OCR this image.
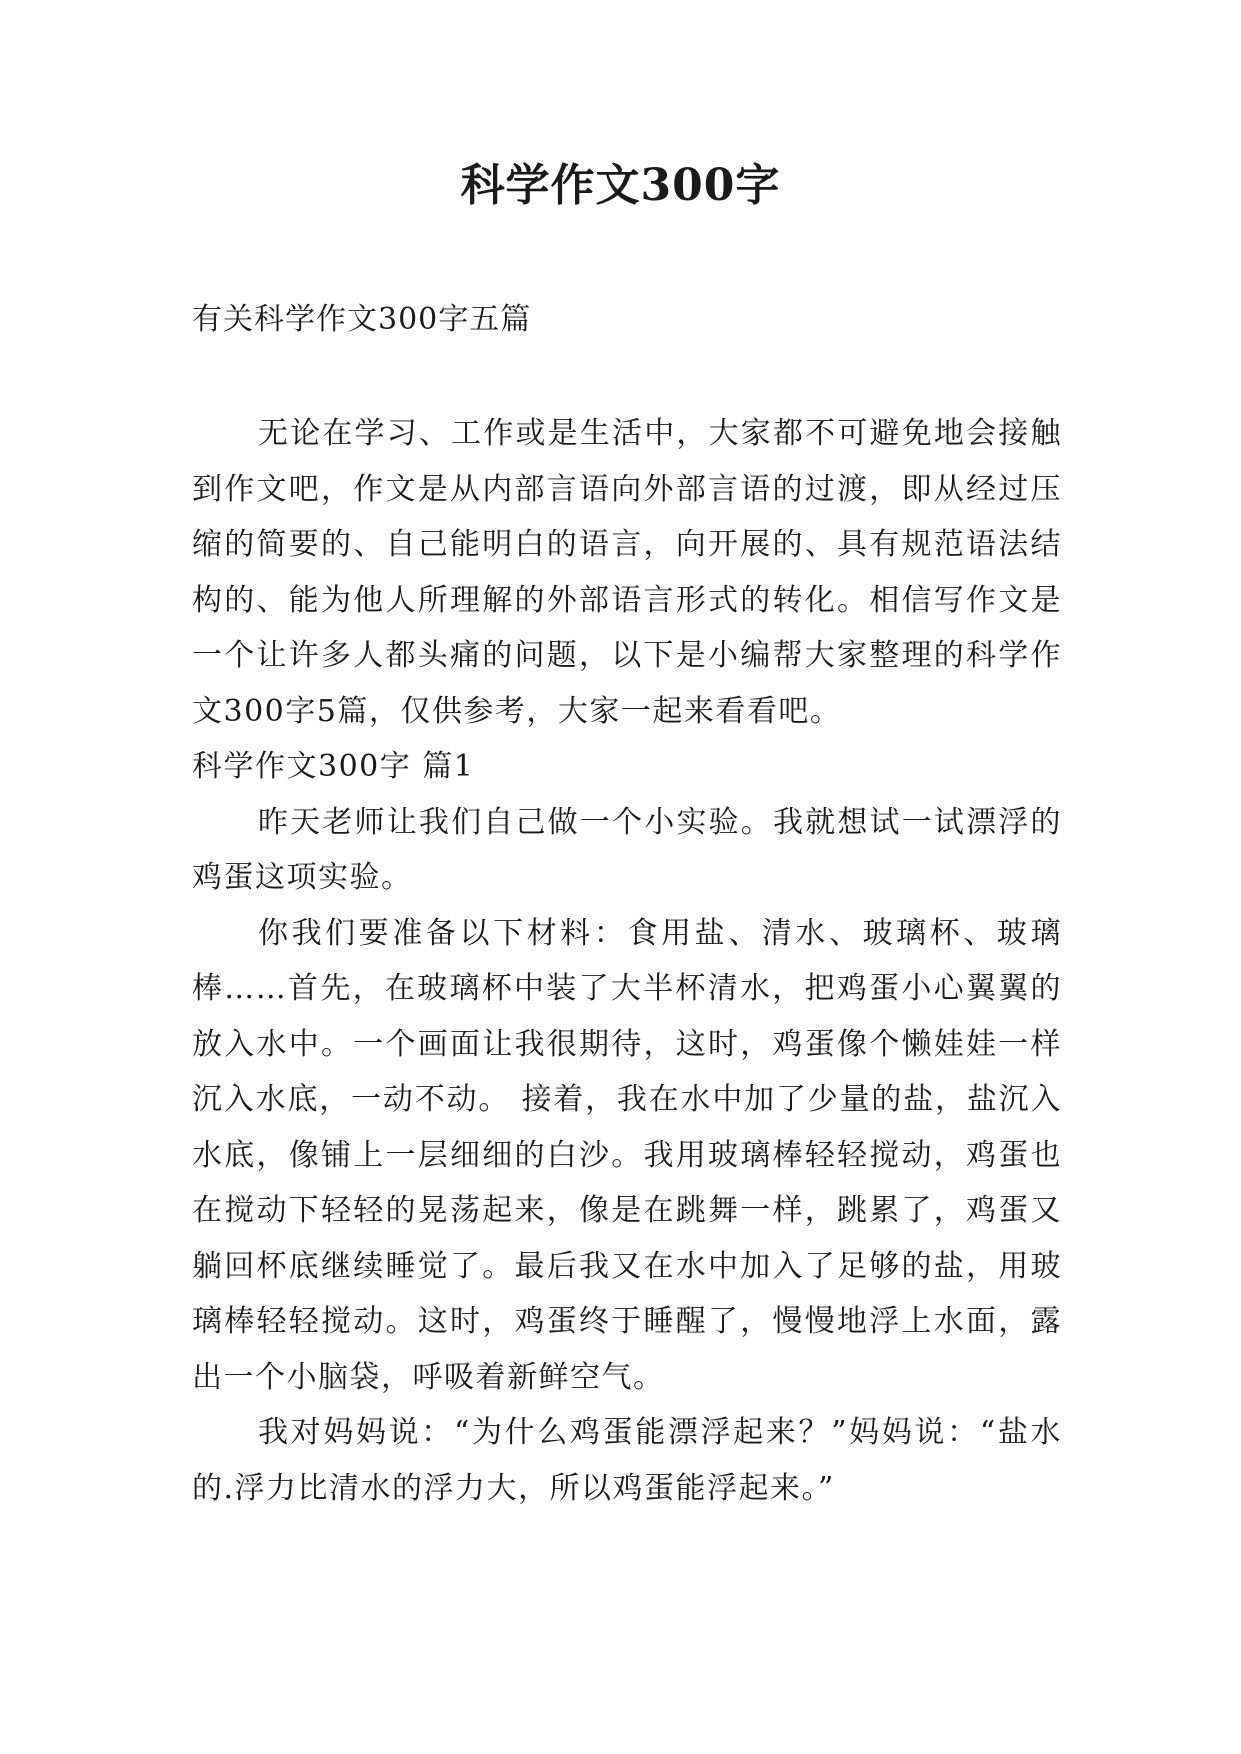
科学作文300字

有关科学作文300字五篇

无论在学习、工作或是生活中，大家都不可避免地会接触到作文吧，作文是从内部言语向外部言语的过渡，即从经过压缩的简要的、自己能明白的语言，向开展的、具有规范语法结构的、能为他人所理解的外部语言形式的转化。相信写作文是一个让许多人都头痛的问题，以下是小编帮大家整理的科学作文300字5篇，仅供参考，大家一起来看看吧。

科学作文300字 篇1

昨天老师让我们自己做一个小实验。我就想试一试漂浮的鸡蛋这项实验。

你我们要准备以下材料：食用盐、清水、玻璃杯、玻璃棒……首先，在玻璃杯中装了大半杯清水，把鸡蛋小心翼翼的放入水中。一个画面让我很期待，这时，鸡蛋像个懒娃娃一样沉入水底，一动不动。 接着，我在水中加了少量的盐，盐沉入水底，像铺上一层细细的白沙。我用玻璃棒轻轻搅动，鸡蛋也在搅动下轻轻的晃荡起来，像是在跳舞一样，跳累了，鸡蛋又躺回杯底继续睡觉了。最后我又在水中加入了足够的盐，用玻璃棒轻轻搅动。这时，鸡蛋终于睡醒了，慢慢地浮上水面，露出一个小脑袋，呼吸着新鲜空气。

我对妈妈说：“为什么鸡蛋能漂浮起来？”妈妈说：“盐水的.浮力比清水的浮力大，所以鸡蛋能浮起来。”
